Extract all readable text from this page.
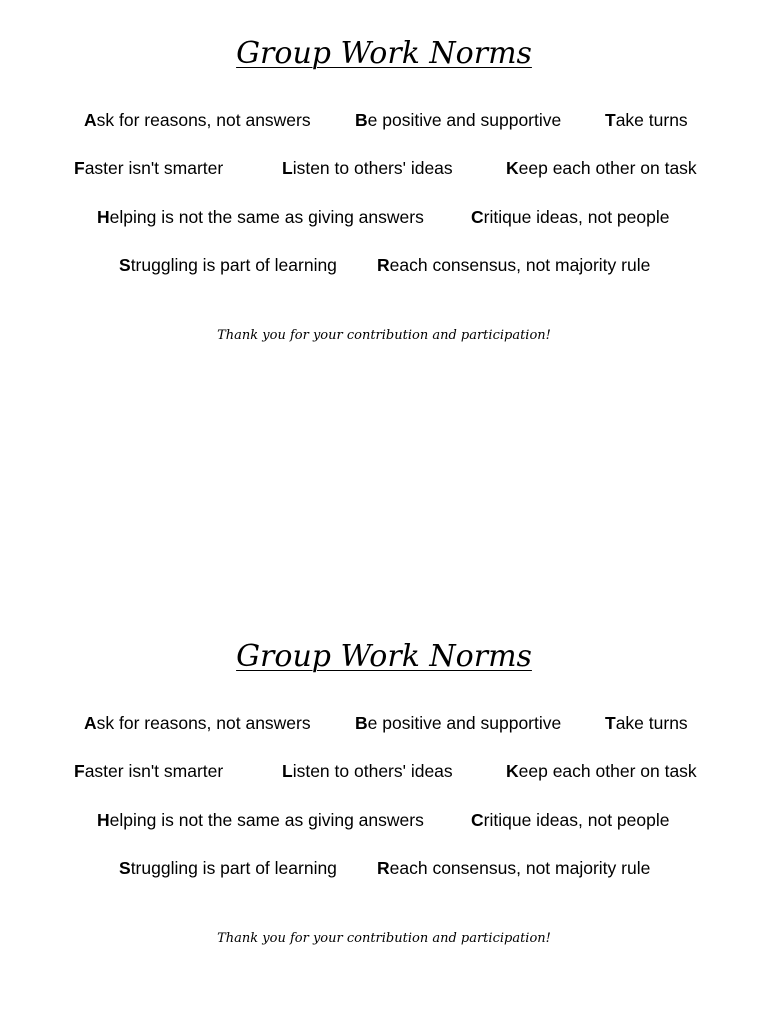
Group Work Norms
Ask for reasons, not answers	Be positive and supportive	Take turns
Faster isn't smarter	Listen to others' ideas	Keep each other on task
Helping is not the same as giving answers	Critique ideas, not people
Struggling is part of learning Reach consensus, not majority rule
Thank you for your contribution and participation!
Group Work Norms
Ask for reasons, not answers	Be positive and supportive	Take turns
Faster isn't smarter	Listen to others' ideas	Keep each other on task
Helping is not the same as giving answers	Critique ideas, not people
Struggling is part of learning Reach consensus, not majority rule
Thank you for your contribution and participation!
